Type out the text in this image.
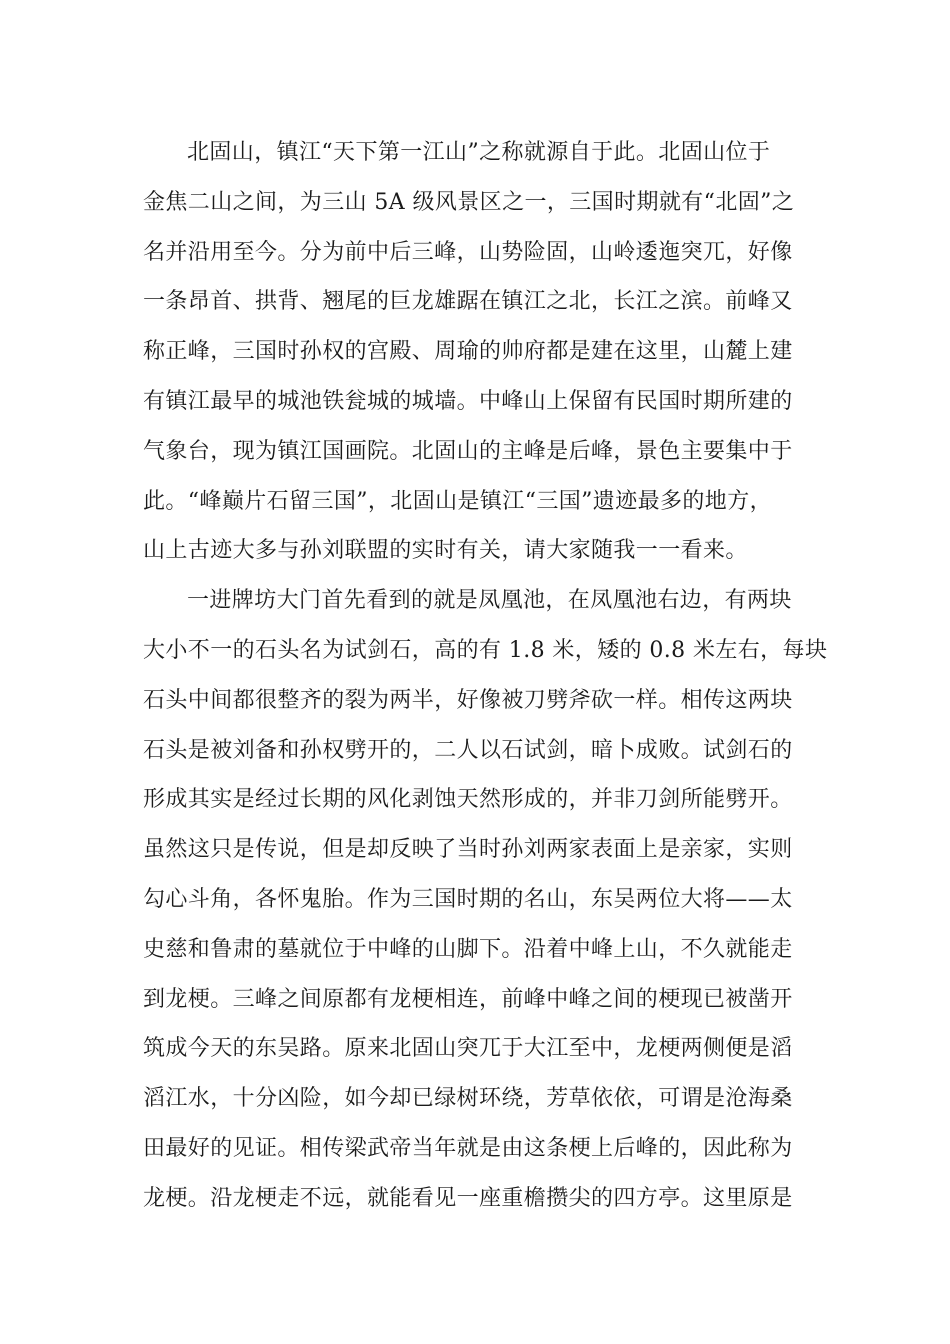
北固山，镇江“天下第一江山”之称就源自于此。北固山位于
金焦二山之间，为三山 5A 级风景区之一，三国时期就有“北固”之
名并沿用至今。分为前中后三峰，山势险固，山岭逶迤突兀，好像
一条昂首、拱背、翘尾的巨龙雄踞在镇江之北，长江之滨。前峰又
称正峰，三国时孙权的宫殿、周瑜的帅府都是建在这里，山麓上建
有镇江最早的城池铁瓮城的城墙。中峰山上保留有民国时期所建的
气象台，现为镇江国画院。北固山的主峰是后峰，景色主要集中于
此。“峰巅片石留三国”，北固山是镇江“三国”遗迹最多的地方，
山上古迹大多与孙刘联盟的实时有关，请大家随我一一看来。

一进牌坊大门首先看到的就是凤凰池，在凤凰池右边，有两块
大小不一的石头名为试剑石，高的有 1.8 米，矮的 0.8 米左右，每块
石头中间都很整齐的裂为两半，好像被刀劈斧砍一样。相传这两块
石头是被刘备和孙权劈开的，二人以石试剑，暗卜成败。试剑石的
形成其实是经过长期的风化剥蚀天然形成的，并非刀剑所能劈开。
虽然这只是传说，但是却反映了当时孙刘两家表面上是亲家，实则
勾心斗角，各怀鬼胎。作为三国时期的名山，东吴两位大将——太
史慈和鲁肃的墓就位于中峰的山脚下。沿着中峰上山，不久就能走
到龙梗。三峰之间原都有龙梗相连，前峰中峰之间的梗现已被凿开
筑成今天的东吴路。原来北固山突兀于大江至中，龙梗两侧便是滔
滔江水，十分凶险，如今却已绿树环绕，芳草依依，可谓是沧海桑
田最好的见证。相传梁武帝当年就是由这条梗上后峰的，因此称为
龙梗。沿龙梗走不远，就能看见一座重檐攒尖的四方亭。这里原是
